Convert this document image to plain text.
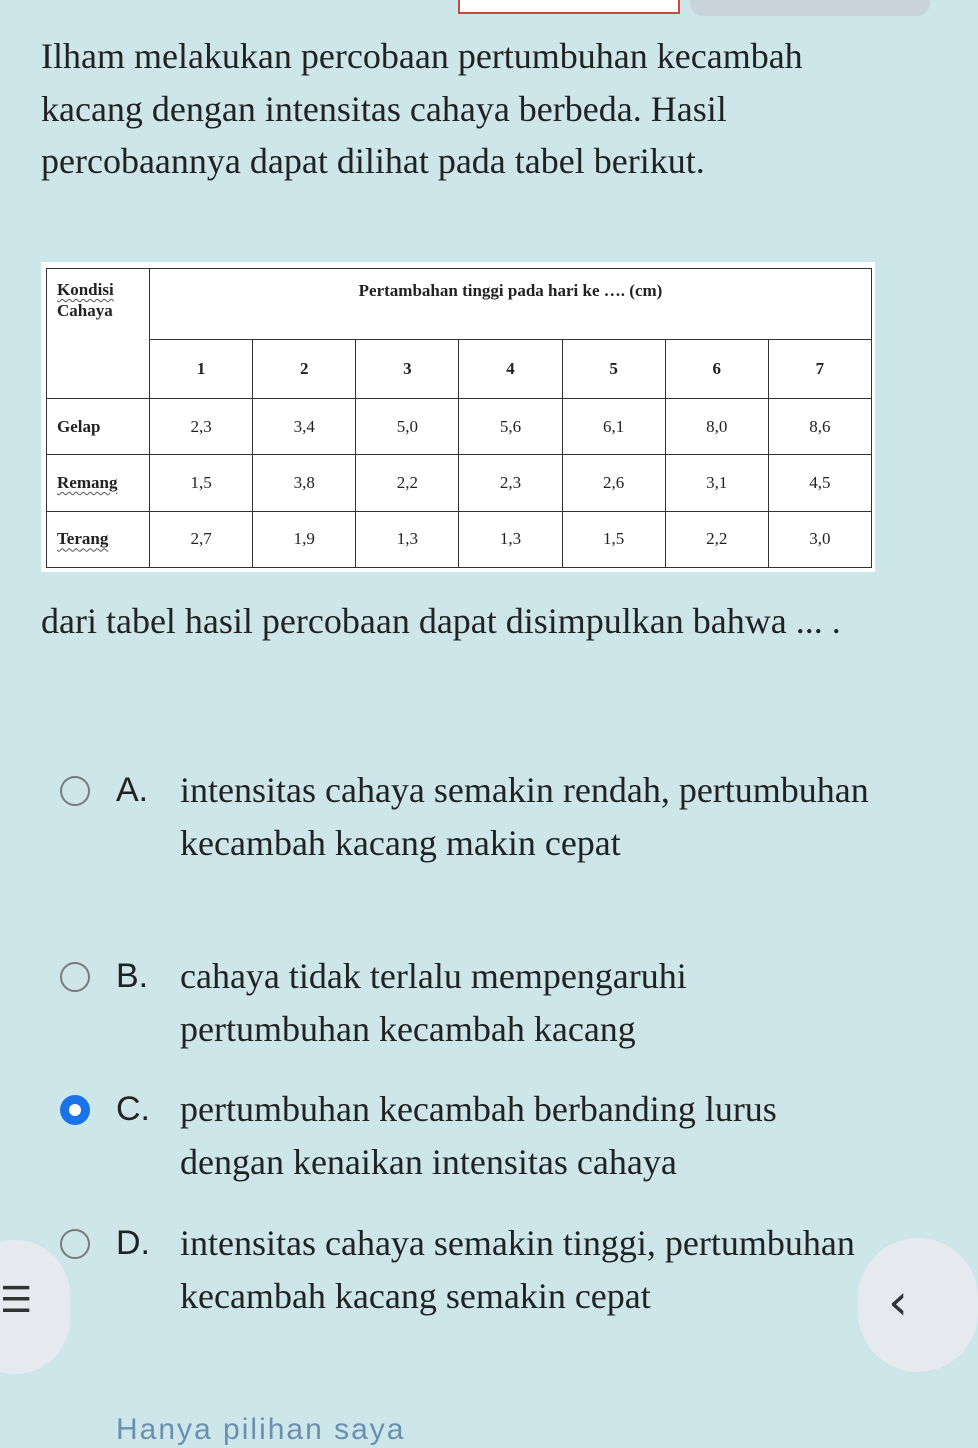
Ilham melakukan percobaan pertumbuhan kecambah kacang dengan intensitas cahaya berbeda. Hasil percobaannya dapat dilihat pada tabel berikut.

Kondisi
Cahaya	Pertambahan tinggi pada hari ke …. (cm)						
	1	2	3	4	5	6	7
Gelap	2,3	3,4	5,0	5,6	6,1	8,0	8,6
Remang	1,5	3,8	2,2	2,3	2,6	3,1	4,5
Terang	2,7	1,9	1,3	1,3	1,5	2,2	3,0

dari tabel hasil percobaan dapat disimpulkan bahwa ... .

A. intensitas cahaya semakin rendah, pertumbuhan kecambah kacang makin cepat
B. cahaya tidak terlalu mempengaruhi pertumbuhan kecambah kacang
C. pertumbuhan kecambah berbanding lurus dengan kenaikan intensitas cahaya
D. intensitas cahaya semakin tinggi, pertumbuhan kecambah kacang semakin cepat
☰	‹
Hanya pilihan saya
